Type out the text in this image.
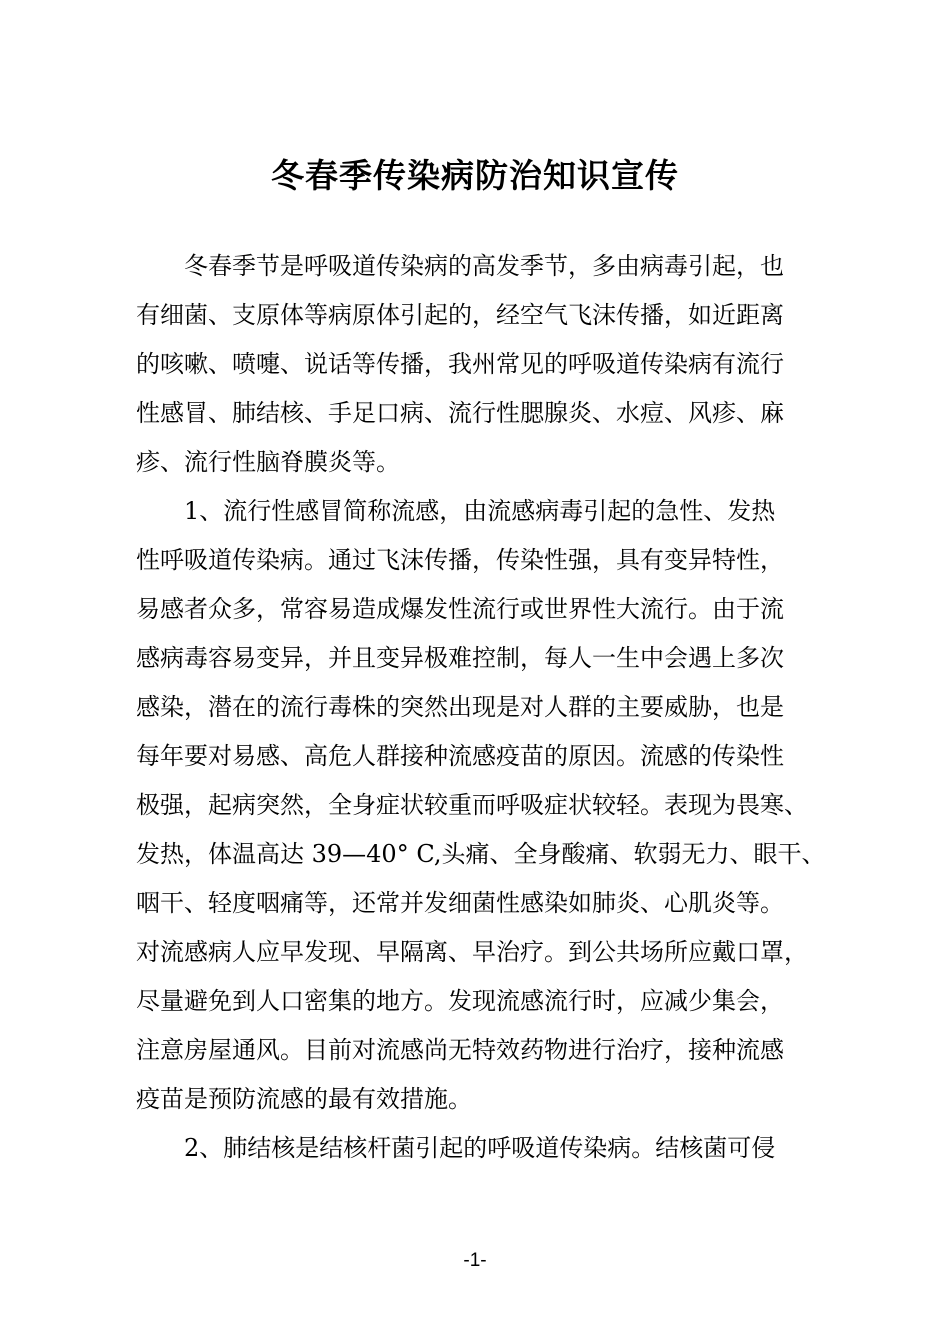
冬春季传染病防治知识宣传

冬春季节是呼吸道传染病的高发季节，多由病毒引起，也
有细菌、支原体等病原体引起的，经空气飞沫传播，如近距离
的咳嗽、喷嚏、说话等传播，我州常见的呼吸道传染病有流行
性感冒、肺结核、手足口病、流行性腮腺炎、水痘、风疹、麻
疹、流行性脑脊膜炎等。

1、流行性感冒简称流感，由流感病毒引起的急性、发热
性呼吸道传染病。通过飞沫传播，传染性强，具有变异特性，
易感者众多，常容易造成爆发性流行或世界性大流行。由于流
感病毒容易变异，并且变异极难控制，每人一生中会遇上多次
感染，潜在的流行毒株的突然出现是对人群的主要威胁，也是
每年要对易感、高危人群接种流感疫苗的原因。流感的传染性
极强，起病突然，全身症状较重而呼吸症状较轻。表现为畏寒、
发热，体温高达 39—40° C,头痛、全身酸痛、软弱无力、眼干、
咽干、轻度咽痛等，还常并发细菌性感染如肺炎、心肌炎等。
对流感病人应早发现、早隔离、早治疗。到公共场所应戴口罩，
尽量避免到人口密集的地方。发现流感流行时，应减少集会，
注意房屋通风。目前对流感尚无特效药物进行治疗，接种流感
疫苗是预防流感的最有效措施。

2、肺结核是结核杆菌引起的呼吸道传染病。结核菌可侵

-1-
